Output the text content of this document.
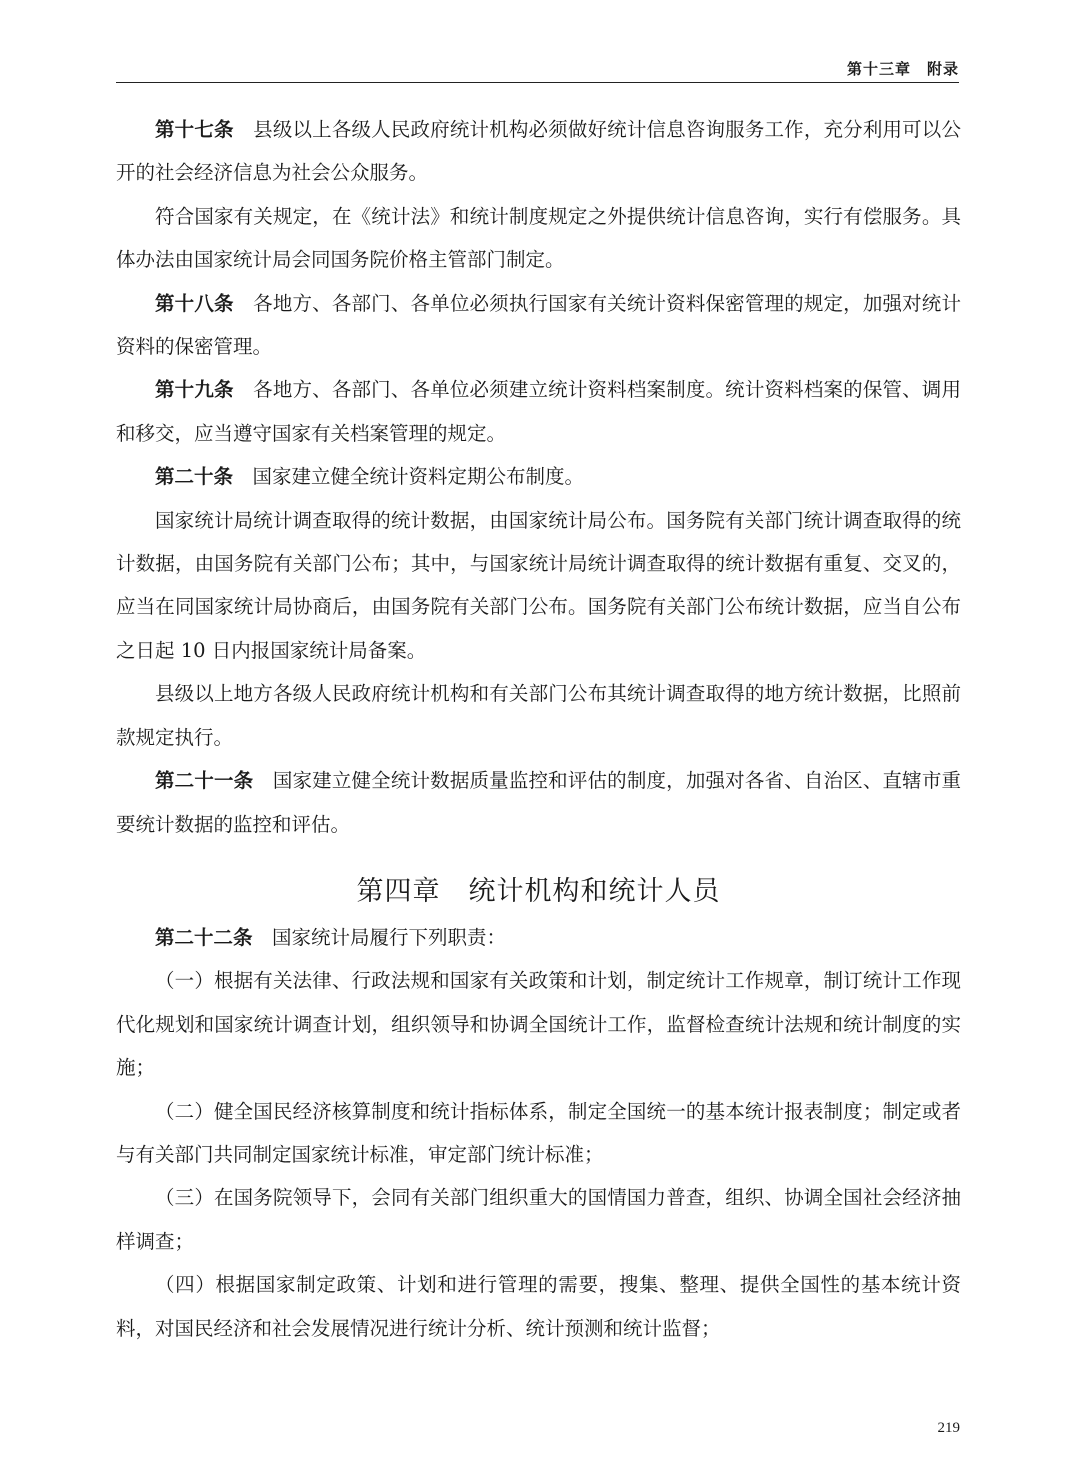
第十三章　附录

第十七条 县级以上各级人民政府统计机构必须做好统计信息咨询服务工作，充分利用可以公开的社会经济信息为社会公众服务。

符合国家有关规定，在《统计法》和统计制度规定之外提供统计信息咨询，实行有偿服务。具体办法由国家统计局会同国务院价格主管部门制定。

第十八条 各地方、各部门、各单位必须执行国家有关统计资料保密管理的规定，加强对统计资料的保密管理。

第十九条 各地方、各部门、各单位必须建立统计资料档案制度。统计资料档案的保管、调用和移交，应当遵守国家有关档案管理的规定。

第二十条 国家建立健全统计资料定期公布制度。

国家统计局统计调查取得的统计数据，由国家统计局公布。国务院有关部门统计调查取得的统计数据，由国务院有关部门公布；其中，与国家统计局统计调查取得的统计数据有重复、交叉的，应当在同国家统计局协商后，由国务院有关部门公布。国务院有关部门公布统计数据，应当自公布之日起 10 日内报国家统计局备案。

县级以上地方各级人民政府统计机构和有关部门公布其统计调查取得的地方统计数据，比照前款规定执行。

第二十一条 国家建立健全统计数据质量监控和评估的制度，加强对各省、自治区、直辖市重要统计数据的监控和评估。

第四章　统计机构和统计人员

第二十二条 国家统计局履行下列职责：

（一）根据有关法律、行政法规和国家有关政策和计划，制定统计工作规章，制订统计工作现代化规划和国家统计调查计划，组织领导和协调全国统计工作，监督检查统计法规和统计制度的实施；

（二）健全国民经济核算制度和统计指标体系，制定全国统一的基本统计报表制度；制定或者与有关部门共同制定国家统计标准，审定部门统计标准；

（三）在国务院领导下，会同有关部门组织重大的国情国力普查，组织、协调全国社会经济抽样调查；

（四）根据国家制定政策、计划和进行管理的需要，搜集、整理、提供全国性的基本统计资料，对国民经济和社会发展情况进行统计分析、统计预测和统计监督；

219
